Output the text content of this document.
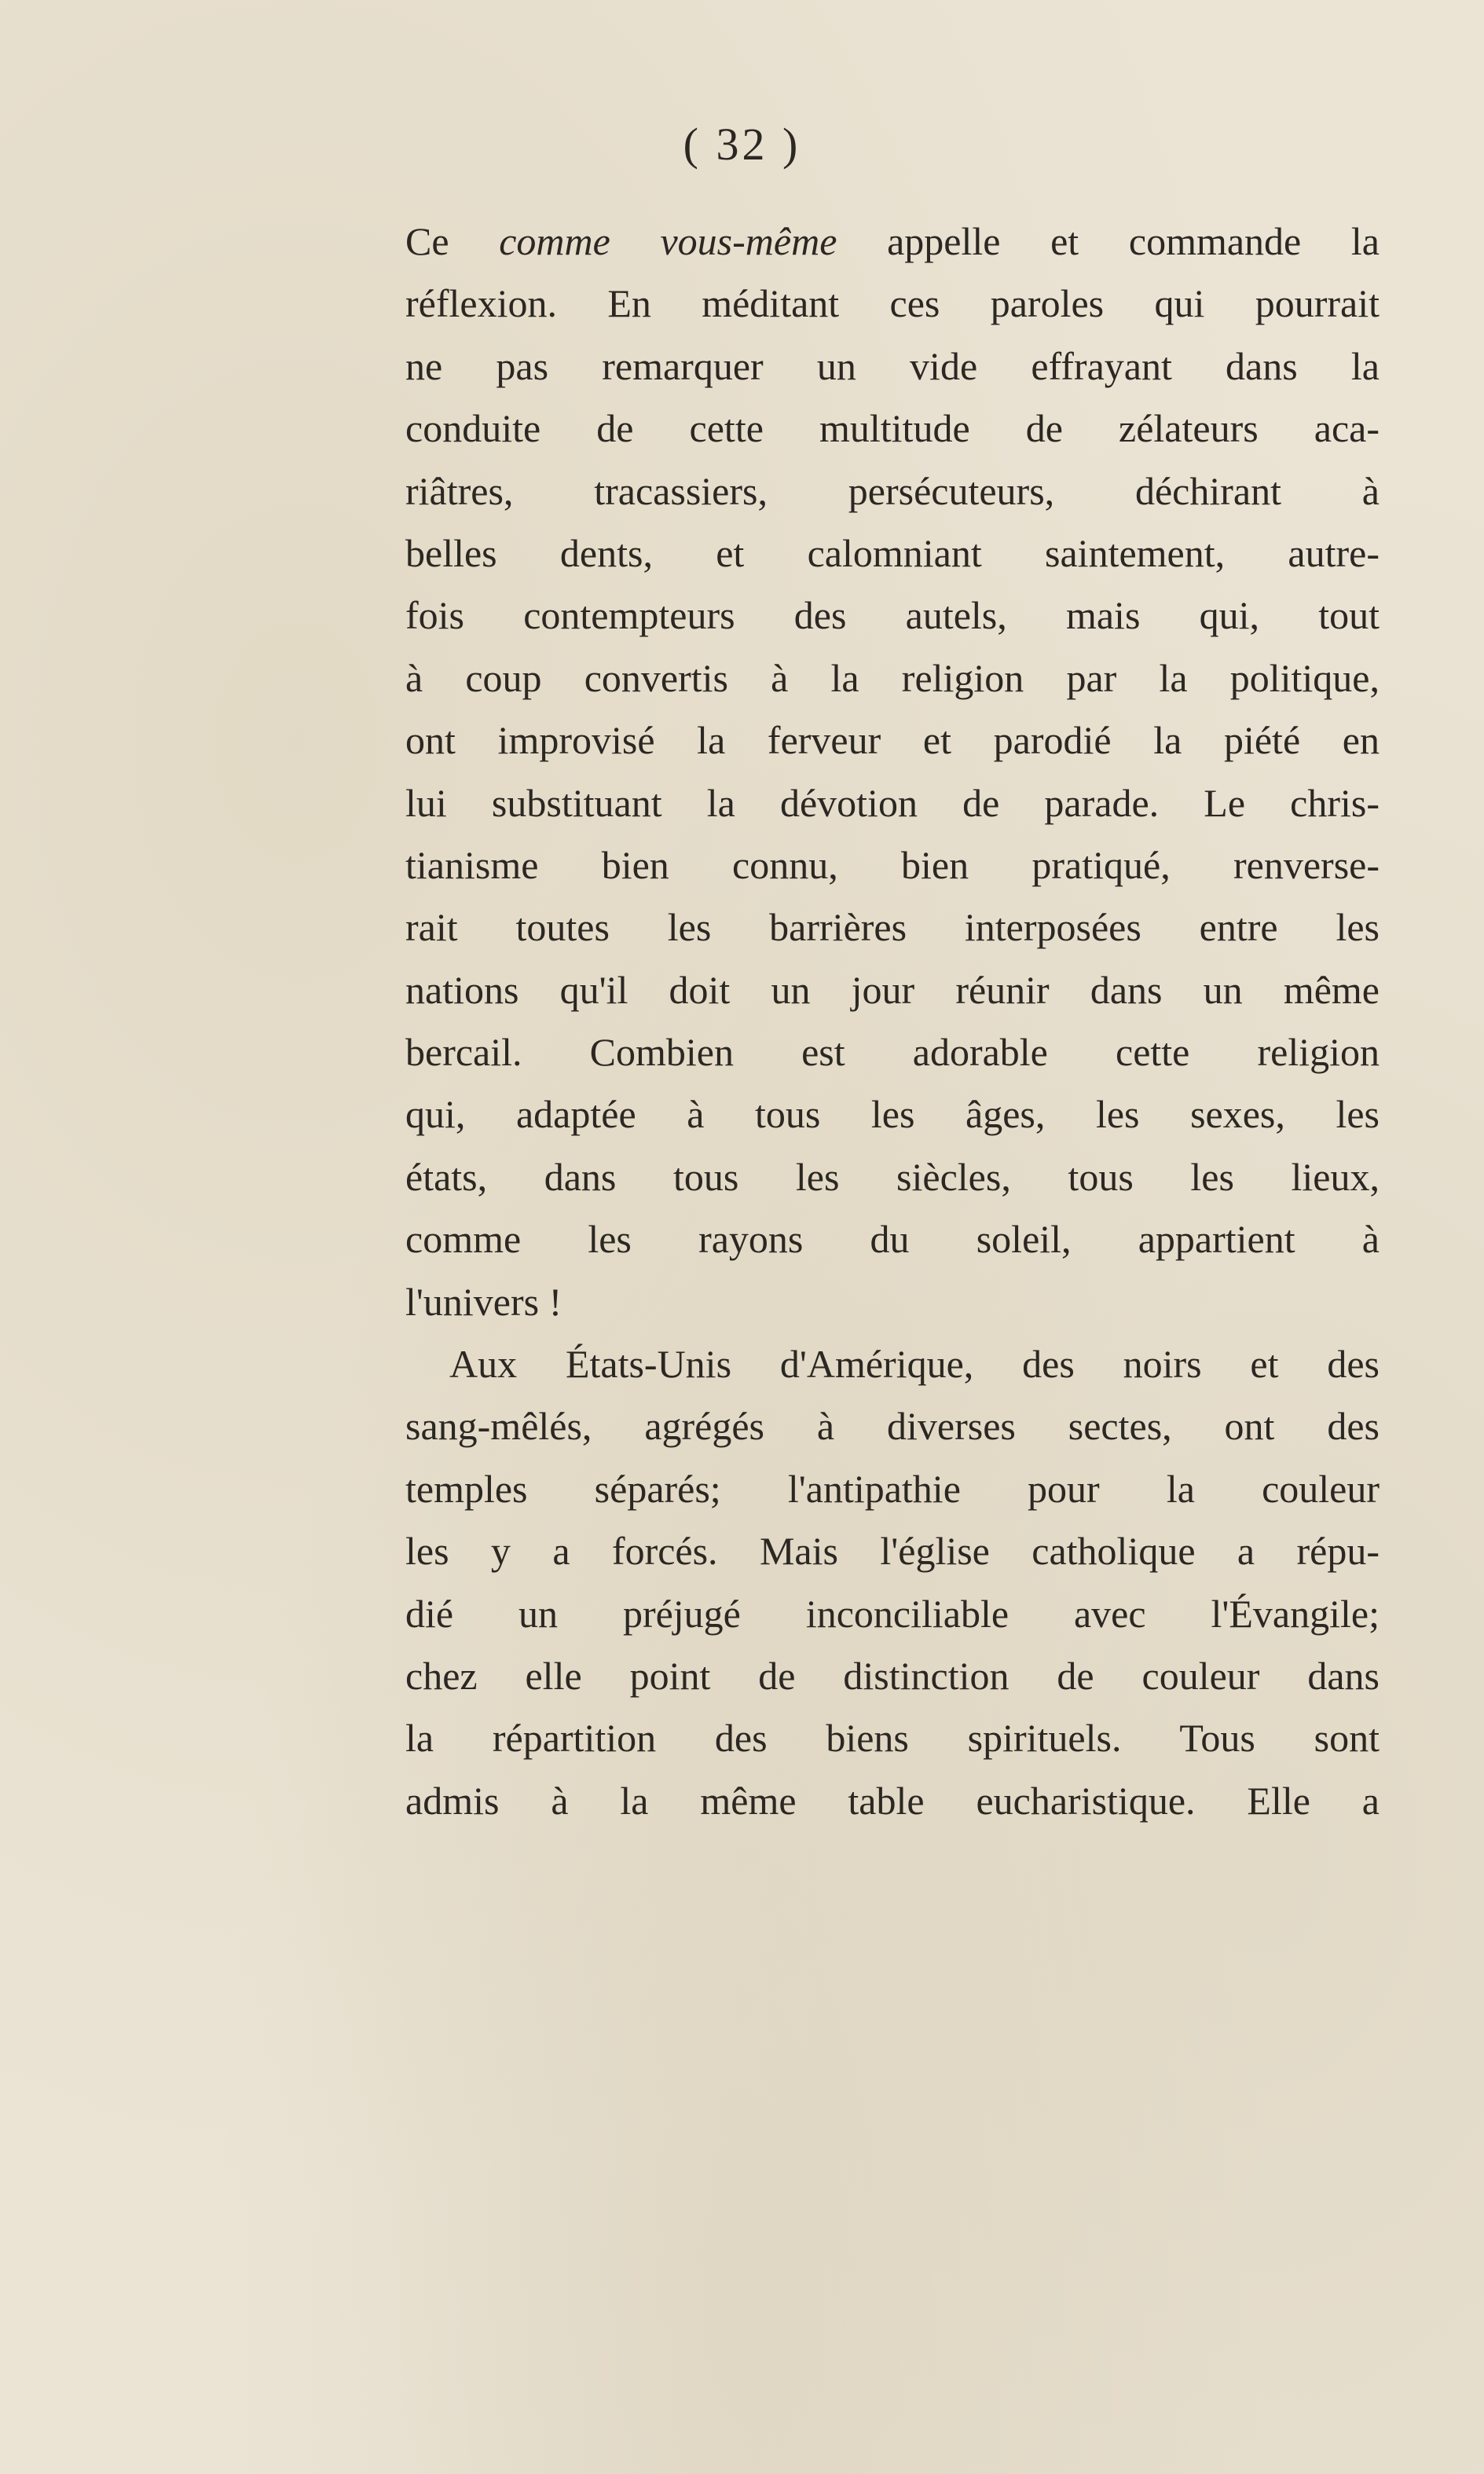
( 32 )
Ce comme vous-même appelle et commande la
réflexion. En méditant ces paroles qui pourrait
ne pas remarquer un vide effrayant dans la
conduite de cette multitude de zélateurs aca-
riâtres, tracassiers, persécuteurs, déchirant à
belles dents, et calomniant saintement, autre-
fois contempteurs des autels, mais qui, tout
à coup convertis à la religion par la politique,
ont improvisé la ferveur et parodié la piété en
lui substituant la dévotion de parade. Le chris-
tianisme bien connu, bien pratiqué, renverse-
rait toutes les barrières interposées entre les
nations qu'il doit un jour réunir dans un même
bercail. Combien est adorable cette religion
qui, adaptée à tous les âges, les sexes, les
états, dans tous les siècles, tous les lieux,
comme les rayons du soleil, appartient à
l'univers !
Aux États-Unis d'Amérique, des noirs et des
sang-mêlés, agrégés à diverses sectes, ont des
temples séparés; l'antipathie pour la couleur
les y a forcés. Mais l'église catholique a répu-
dié un préjugé inconciliable avec l'Évangile;
chez elle point de distinction de couleur dans
la répartition des biens spirituels. Tous sont
admis à la même table eucharistique. Elle a
